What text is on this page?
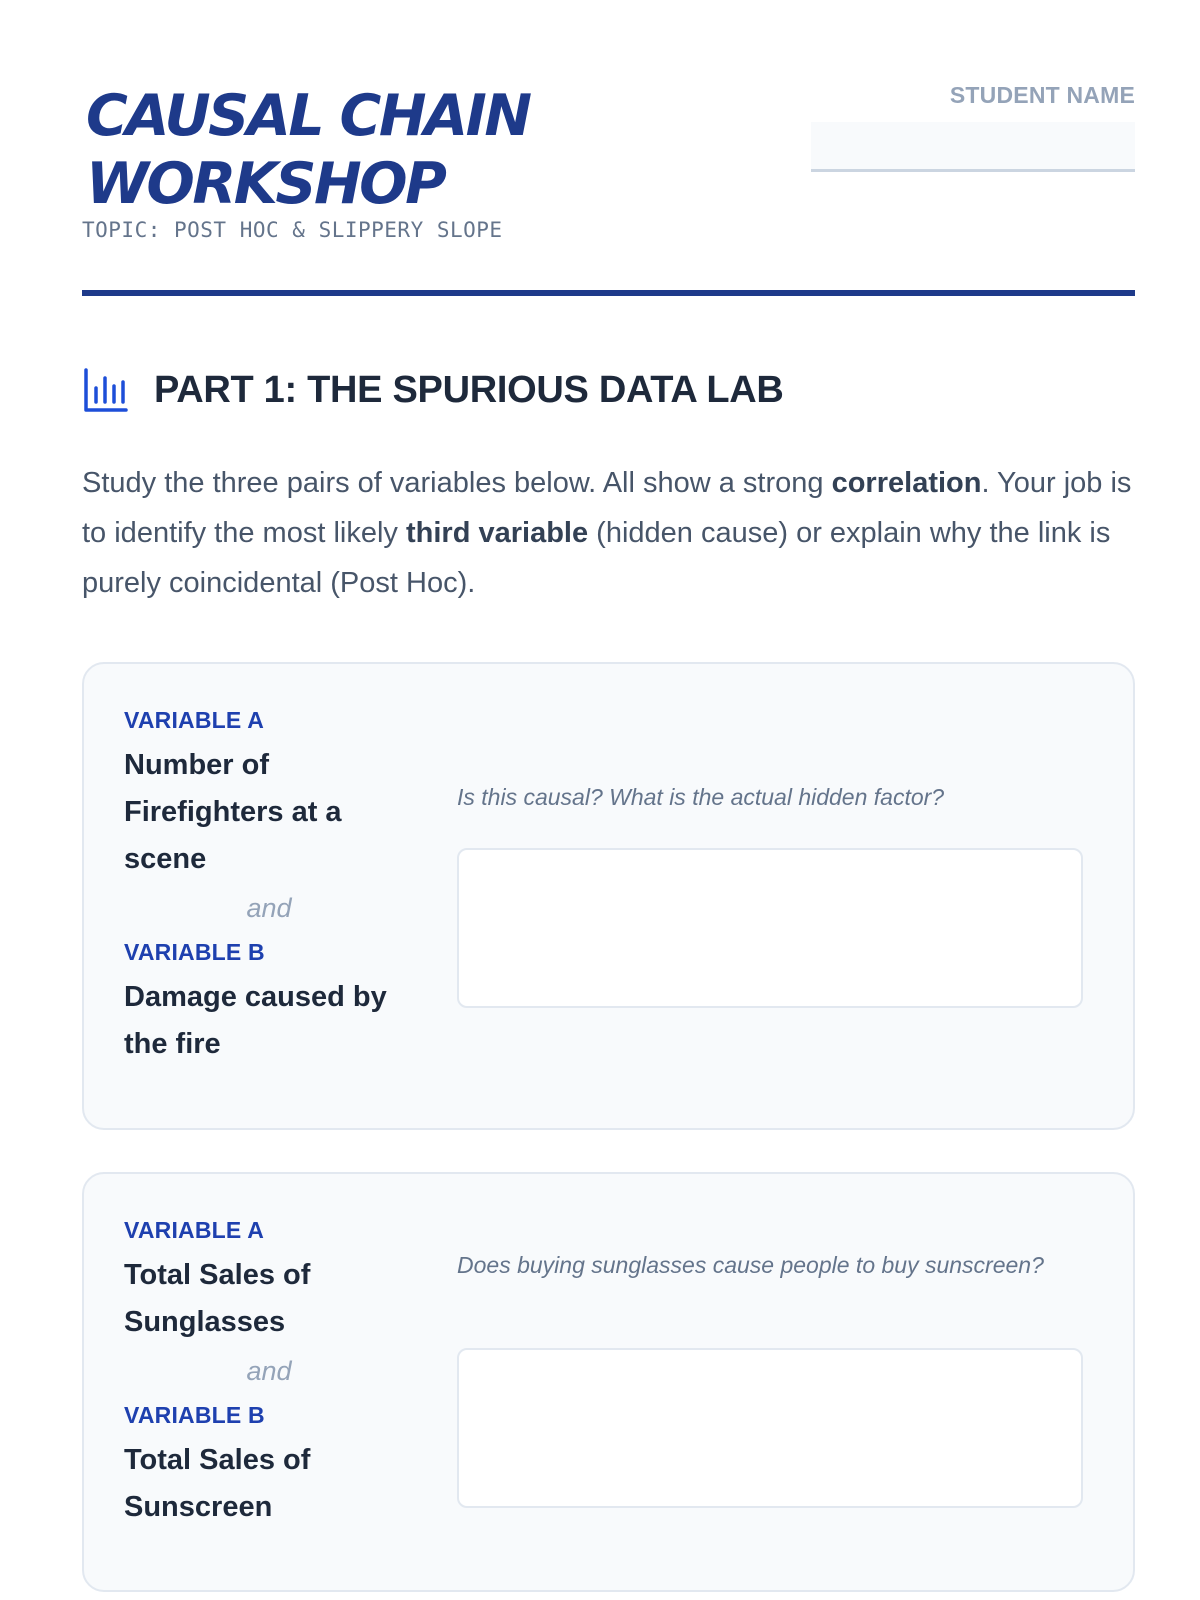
CAUSAL CHAIN
WORKSHOP
TOPIC: POST HOC & SLIPPERY SLOPE
STUDENT NAME
PART 1: THE SPURIOUS DATA LAB

Study the three pairs of variables below. All show a strong correlation. Your job is to identify the most likely third variable (hidden cause) or explain why the link is purely coincidental (Post Hoc).

VARIABLE A
Number of Firefighters at a scene
and
VARIABLE B
Damage caused by the fire

Is this causal? What is the actual hidden factor?

VARIABLE A
Total Sales of Sunglasses
and
VARIABLE B
Total Sales of Sunscreen

Does buying sunglasses cause people to buy sunscreen?
